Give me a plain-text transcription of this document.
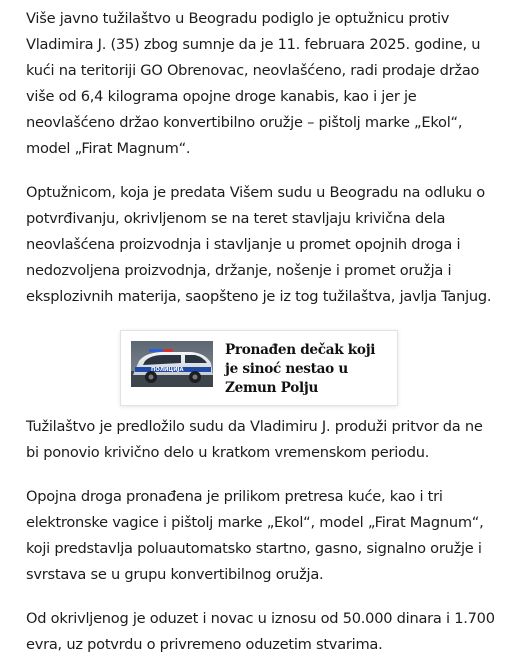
Više javno tužilaštvo u Beogradu podiglo je optužnicu protiv Vladimira J. (35) zbog sumnje da je 11. februara 2025. godine, u kući na teritoriji GO Obrenovac, neovlašćeno, radi prodaje držao više od 6,4 kilograma opojne droge kanabis, kao i jer je neovlašćeno držao konvertibilno oružje – pištolj marke „Ekol“, model „Firat Magnum“.

Optužnicom, koja je predata Višem sudu u Beogradu na odluku o potvrđivanju, okrivljenom se na teret stavljaju krivična dela neovlašćena proizvodnja i stavljanje u promet opojnih droga i nedozvoljena proizvodnja, držanje, nošenje i promet oružja i eksplozivnih materija, saopšteno je iz tog tužilaštva, javlja Tanjug.

ПОЛИЦИЈА

Pronađen dečak koji je sinoć nestao u Zemun Polju

Tužilaštvo je predložilo sudu da Vladimiru J. produži pritvor da ne bi ponovio krivično delo u kratkom vremenskom periodu.

Opojna droga pronađena je prilikom pretresa kuće, kao i tri elektronske vagice i pištolj marke „Ekol“, model „Firat Magnum“, koji predstavlja poluautomatsko startno, gasno, signalno oružje i svrstava se u grupu konvertibilnog oružja.

Od okrivljenog je oduzet i novac u iznosu od 50.000 dinara i 1.700 evra, uz potvrdu o privremeno oduzetim stvarima.
